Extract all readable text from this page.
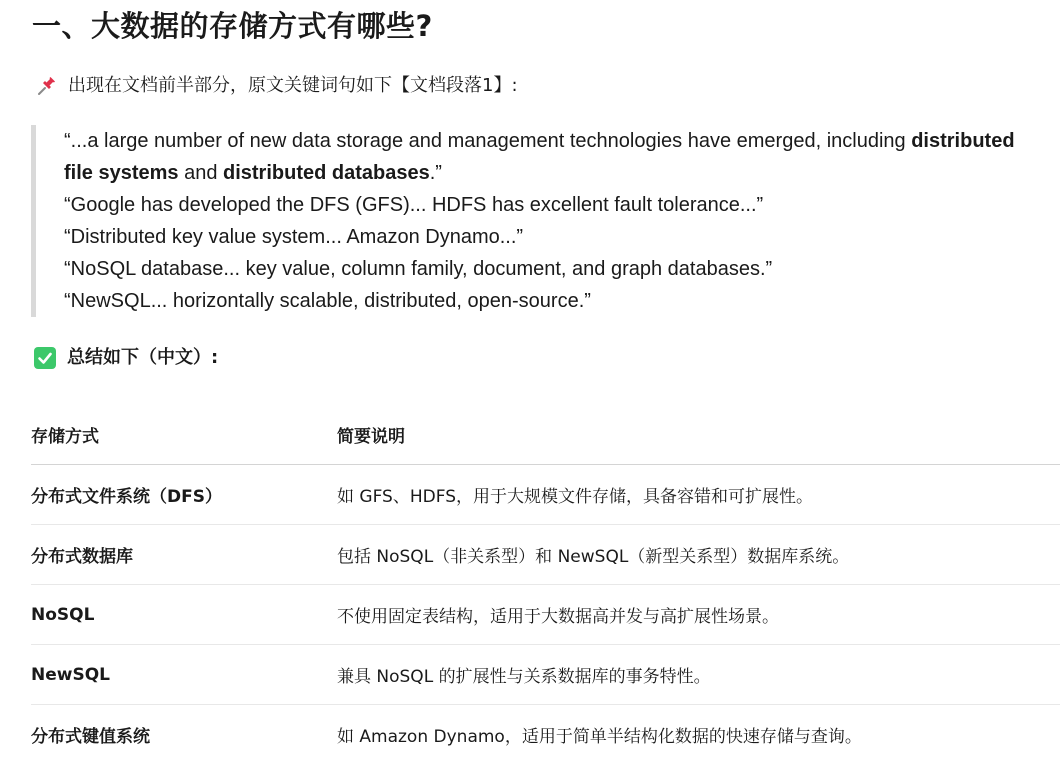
一、大数据的存储方式有哪些?
出现在文档前半部分，原文关键词句如下【文档段落1】:

“...a large number of new data storage and management technologies have emerged, including distributed file systems and distributed databases.”

“Google has developed the DFS (GFS)... HDFS has excellent fault tolerance...”

“Distributed key value system... Amazon Dynamo...”

“NoSQL database... key value, column family, document, and graph databases.”

“NewSQL... horizontally scalable, distributed, open-source.”

总结如下（中文）:
存储方式	简要说明
分布式文件系统（DFS）	如 GFS、HDFS，用于大规模文件存储，具备容错和可扩展性。
分布式数据库	包括 NoSQL（非关系型）和 NewSQL（新型关系型）数据库系统。
NoSQL	不使用固定表结构，适用于大数据高并发与高扩展性场景。
NewSQL	兼具 NoSQL 的扩展性与关系数据库的事务特性。
分布式键值系统	如 Amazon Dynamo，适用于简单半结构化数据的快速存储与查询。
